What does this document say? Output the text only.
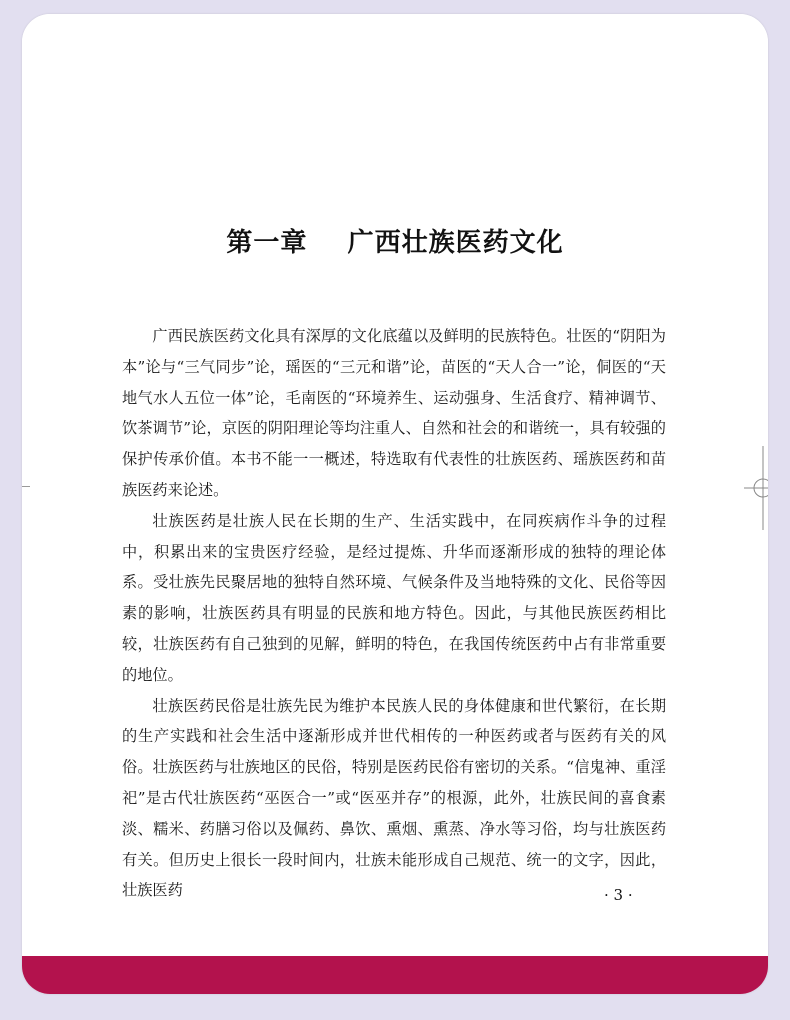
第一章    广西壮族医药文化

广西民族医药文化具有深厚的文化底蕴以及鲜明的民族特色。壮医的“阴阳为本”论与“三气同步”论，瑶医的“三元和谐”论，苗医的“天人合一”论，侗医的“天地气水人五位一体”论，毛南医的“环境养生、运动强身、生活食疗、精神调节、饮茶调节”论，京医的阴阳理论等均注重人、自然和社会的和谐统一，具有较强的保护传承价值。本书不能一一概述，特选取有代表性的壮族医药、瑶族医药和苗族医药来论述。

壮族医药是壮族人民在长期的生产、生活实践中，在同疾病作斗争的过程中，积累出来的宝贵医疗经验，是经过提炼、升华而逐渐形成的独特的理论体系。受壮族先民聚居地的独特自然环境、气候条件及当地特殊的文化、民俗等因素的影响，壮族医药具有明显的民族和地方特色。因此，与其他民族医药相比较，壮族医药有自己独到的见解，鲜明的特色，在我国传统医药中占有非常重要的地位。

壮族医药民俗是壮族先民为维护本民族人民的身体健康和世代繁衍，在长期的生产实践和社会生活中逐渐形成并世代相传的一种医药或者与医药有关的风俗。壮族医药与壮族地区的民俗，特别是医药民俗有密切的关系。“信鬼神、重淫祀”是古代壮族医药“巫医合一”或“医巫并存”的根源，此外，壮族民间的喜食素淡、糯米、药膳习俗以及佩药、鼻饮、熏烟、熏蒸、净水等习俗，均与壮族医药有关。但历史上很长一段时间内，壮族未能形成自己规范、统一的文字，因此，壮族医药	· 3 ·
